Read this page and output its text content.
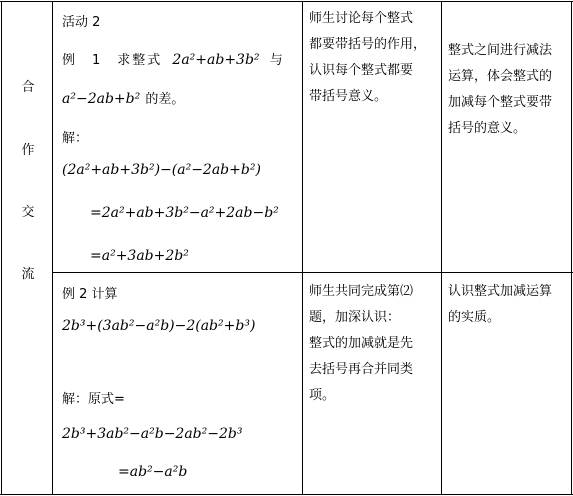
合
作
交
流
活动 2
例　1　求整式 2a²+ab+3b² 与
a²−2ab+b² 的差。
解：
(2a²+ab+3b²)−(a²−2ab+b²)
=2a²+ab+3b²−a²+2ab−b²
=a²+3ab+2b²
师生讨论每个整式
都要带括号的作用，
认识每个整式都要
带括号意义。
整式之间进行减法
运算，体会整式的
加减每个整式要带
括号的意义。
例 2 计算
2b³+(3ab²−a²b)−2(ab²+b³)
解：原式=
2b³+3ab²−a²b−2ab²−2b³
=ab²−a²b
师生共同完成第⑵
题，加深认识：
整式的加减就是先
去括号再合并同类
项。
认识整式加减运算
的实质。
